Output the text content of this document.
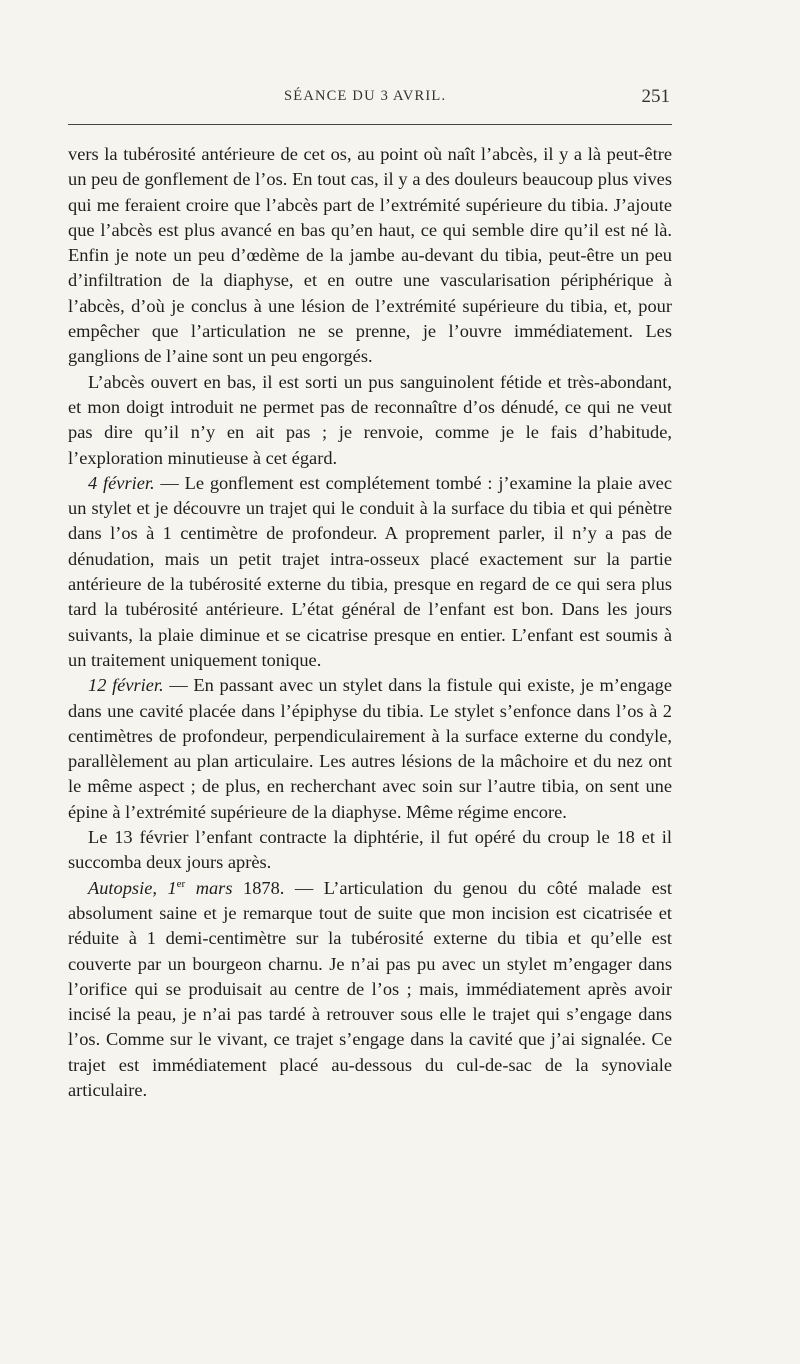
SÉANCE DU 3 AVRIL.	251

vers la tubérosité antérieure de cet os, au point où naît l’abcès, il y a là peut-être un peu de gonflement de l’os. En tout cas, il y a des douleurs beaucoup plus vives qui me feraient croire que l’abcès part de l’extrémité supérieure du tibia. J’ajoute que l’abcès est plus avancé en bas qu’en haut, ce qui semble dire qu’il est né là. Enfin je note un peu d’œdème de la jambe au-devant du tibia, peut-être un peu d’infiltration de la diaphyse, et en outre une vascularisation périphérique à l’abcès, d’où je conclus à une lésion de l’extrémité supérieure du tibia, et, pour empêcher que l’articulation ne se prenne, je l’ouvre immédiatement. Les ganglions de l’aine sont un peu engorgés.

L’abcès ouvert en bas, il est sorti un pus sanguinolent fétide et très-abondant, et mon doigt introduit ne permet pas de reconnaître d’os dénudé, ce qui ne veut pas dire qu’il n’y en ait pas ; je renvoie, comme je le fais d’habitude, l’exploration minutieuse à cet égard.

4 février. — Le gonflement est complétement tombé : j’examine la plaie avec un stylet et je découvre un trajet qui le conduit à la surface du tibia et qui pénètre dans l’os à 1 centimètre de profondeur. A proprement parler, il n’y a pas de dénudation, mais un petit trajet intra-osseux placé exactement sur la partie antérieure de la tubérosité externe du tibia, presque en regard de ce qui sera plus tard la tubérosité antérieure. L’état général de l’enfant est bon. Dans les jours suivants, la plaie diminue et se cicatrise presque en entier. L’enfant est soumis à un traitement uniquement tonique.

12 février. — En passant avec un stylet dans la fistule qui existe, je m’engage dans une cavité placée dans l’épiphyse du tibia. Le stylet s’enfonce dans l’os à 2 centimètres de profondeur, perpendiculairement à la surface externe du condyle, parallèlement au plan articulaire. Les autres lésions de la mâchoire et du nez ont le même aspect ; de plus, en recherchant avec soin sur l’autre tibia, on sent une épine à l’extrémité supérieure de la diaphyse. Même régime encore.

Le 13 février l’enfant contracte la diphtérie, il fut opéré du croup le 18 et il succomba deux jours après.

Autopsie, 1er mars 1878. — L’articulation du genou du côté malade est absolument saine et je remarque tout de suite que mon incision est cicatrisée et réduite à 1 demi-centimètre sur la tubérosité externe du tibia et qu’elle est couverte par un bourgeon charnu. Je n’ai pas pu avec un stylet m’engager dans l’orifice qui se produisait au centre de l’os ; mais, immédiatement après avoir incisé la peau, je n’ai pas tardé à retrouver sous elle le trajet qui s’engage dans l’os. Comme sur le vivant, ce trajet s’engage dans la cavité que j’ai signalée. Ce trajet est immédiatement placé au-dessous du cul-de-sac de la synoviale articulaire.
